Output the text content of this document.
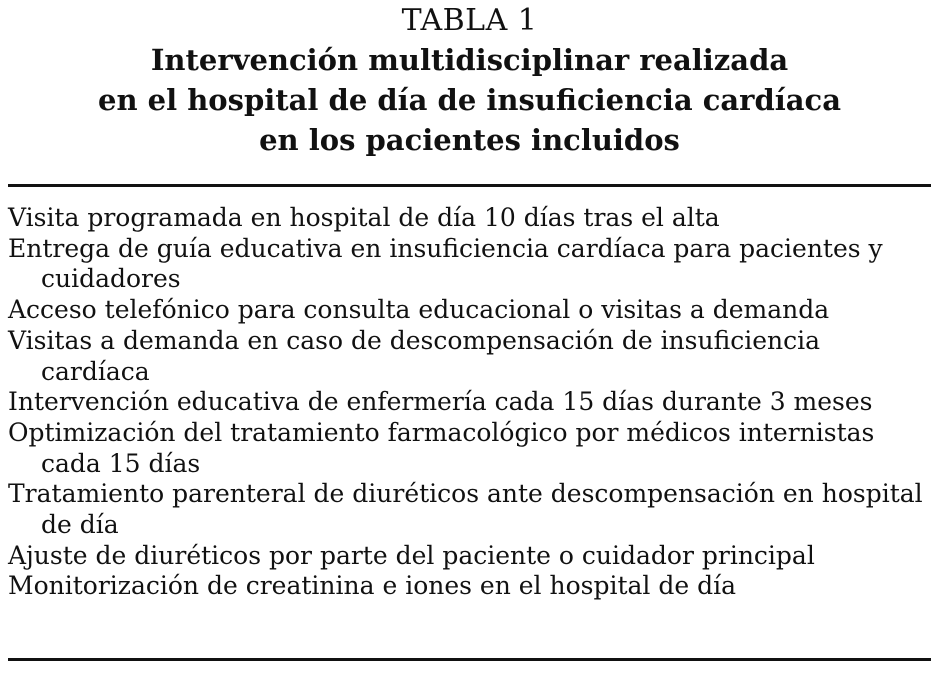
TABLA 1
Intervención multidisciplinar realizada
en el hospital de día de insuficiencia cardíaca
en los pacientes incluidos
Visita programada en hospital de día 10 días tras el alta
Entrega de guía educativa en insuficiencia cardíaca para pacientes y cuidadores
Acceso telefónico para consulta educacional o visitas a demanda
Visitas a demanda en caso de descompensación de insuficiencia cardíaca
Intervención educativa de enfermería cada 15 días durante 3 meses
Optimización del tratamiento farmacológico por médicos internistas cada 15 días
Tratamiento parenteral de diuréticos ante descompensación en hospital de día
Ajuste de diuréticos por parte del paciente o cuidador principal
Monitorización de creatinina e iones en el hospital de día
